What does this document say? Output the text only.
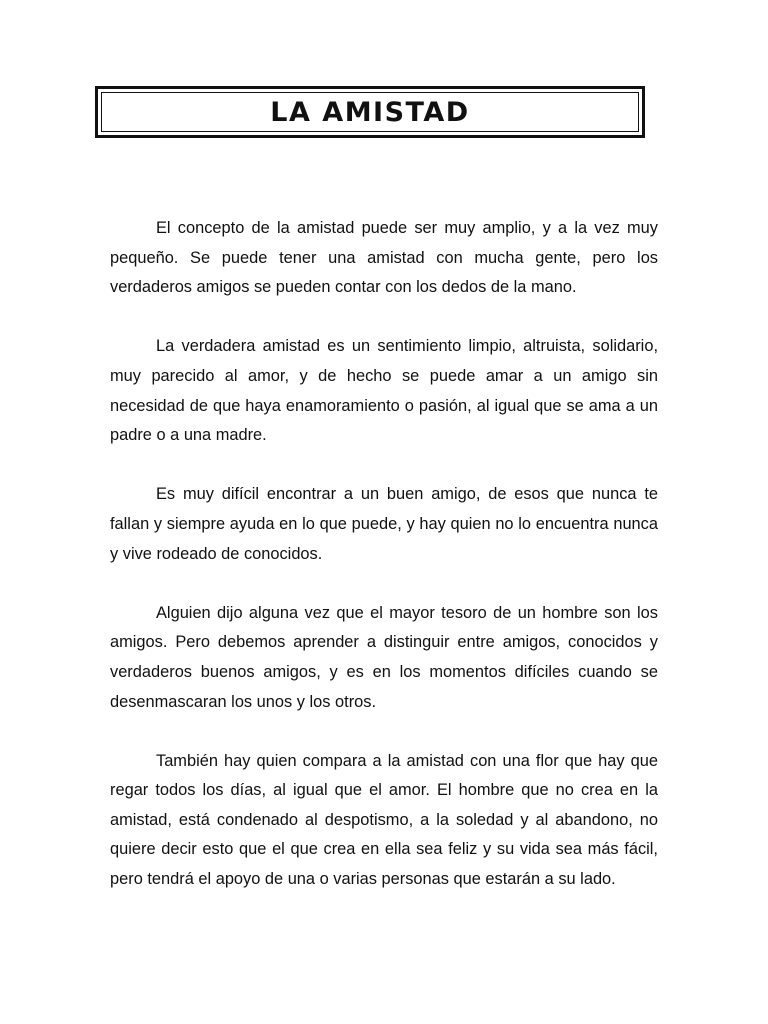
LA AMISTAD

El concepto de la amistad puede ser muy amplio, y a la vez muy pequeño. Se puede tener una amistad con mucha gente, pero los verdaderos amigos se pueden contar con los dedos de la mano.

La verdadera amistad es un sentimiento limpio, altruista, solidario, muy parecido al amor, y de hecho se puede amar a un amigo sin necesidad de que haya enamoramiento o pasión, al igual que se ama a un padre o a una madre.

Es muy difícil encontrar a un buen amigo, de esos que nunca te fallan y siempre ayuda en lo que puede, y hay quien no lo encuentra nunca y vive rodeado de conocidos.

Alguien dijo alguna vez que el mayor tesoro de un hombre son los amigos. Pero debemos aprender a distinguir entre amigos, conocidos y verdaderos buenos amigos, y es en los momentos difíciles cuando se desenmascaran los unos y los otros.

También hay quien compara a la amistad con una flor que hay que regar todos los días, al igual que el amor. El hombre que no crea en la amistad, está condenado al despotismo, a la soledad y al abandono, no quiere decir esto que el que crea en ella sea feliz y su vida sea más fácil, pero tendrá el apoyo de una o varias personas que estarán a su lado.
